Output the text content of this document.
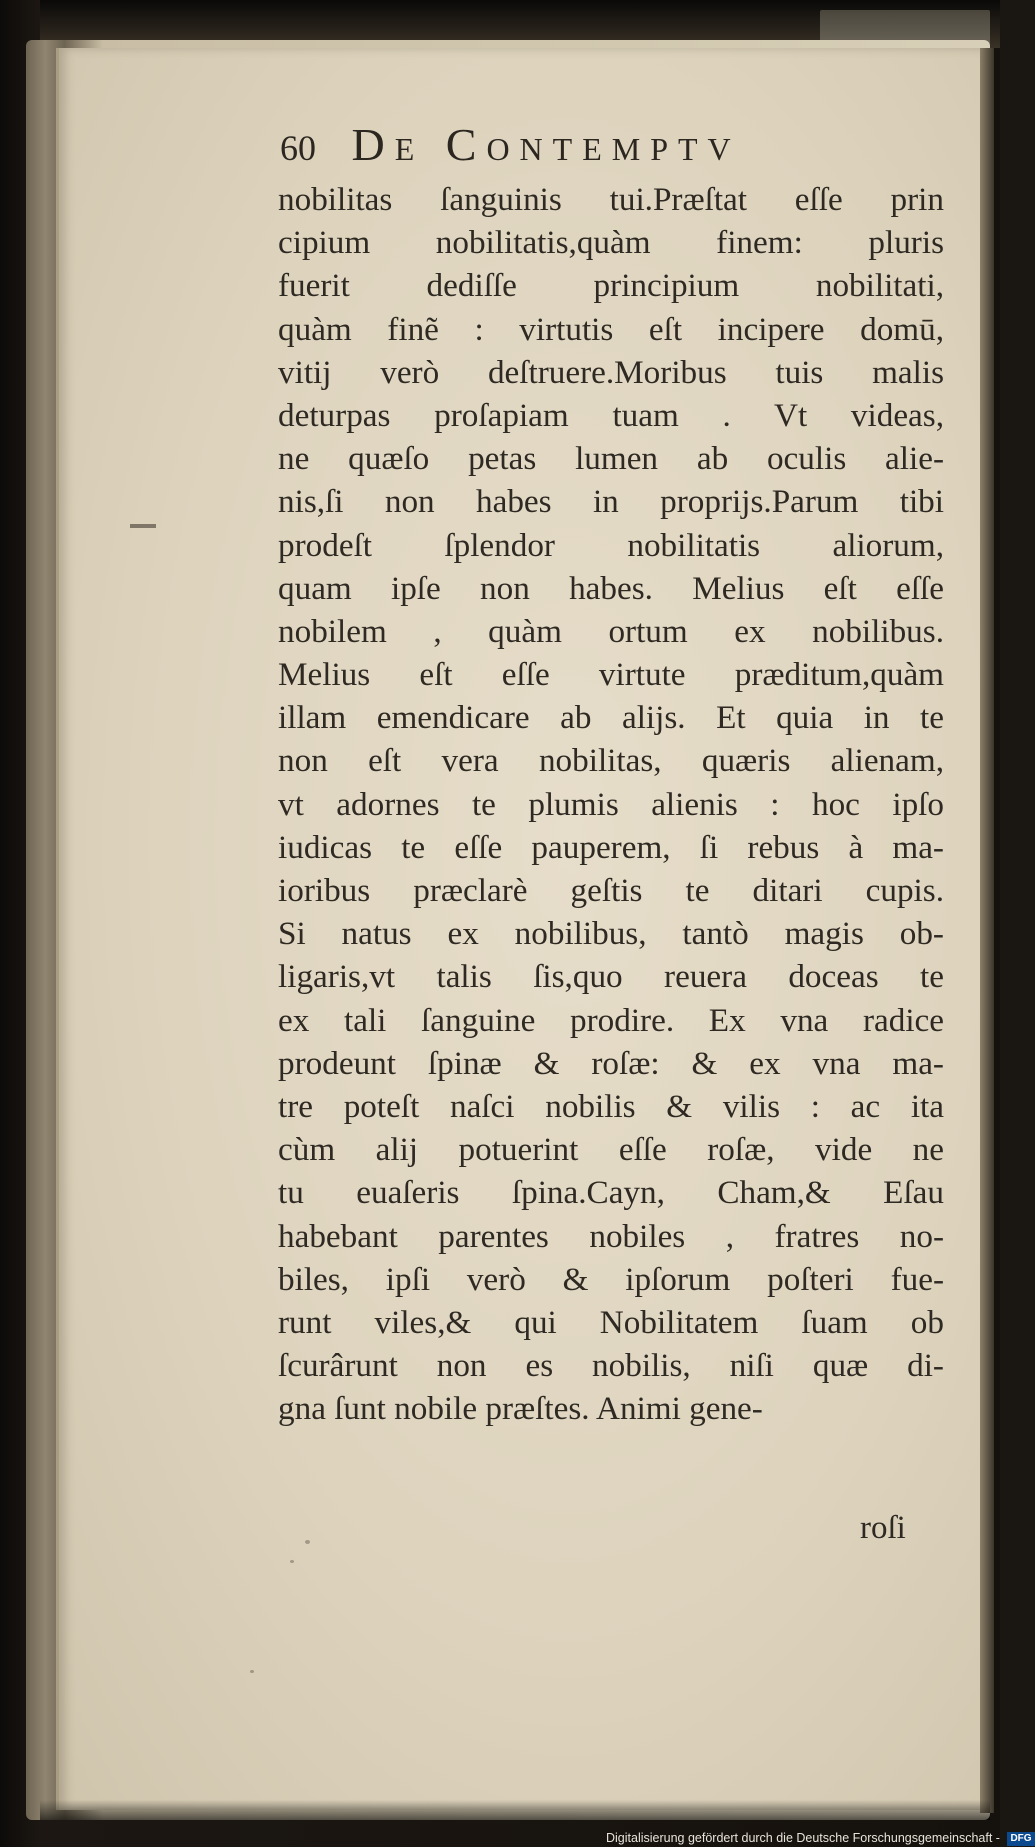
60 De Contemptv
nobilitas ſanguinis tui.Præſtat eſſe prin
cipium nobilitatis,quàm finem: pluris
fuerit dediſſe principium nobilitati,
quàm finẽ : virtutis eſt incipere domū,
vitij verò deſtruere.Moribus tuis malis
deturpas proſapiam tuam . Vt videas,
ne quæſo petas lumen ab oculis alie-
nis,ſi non habes in proprijs.Parum tibi
prodeſt ſplendor nobilitatis aliorum,
quam ipſe non habes. Melius eſt eſſe
nobilem , quàm ortum ex nobilibus.
Melius eſt eſſe virtute præditum,quàm
illam emendicare ab alijs. Et quia in te
non eſt vera nobilitas, quæris alienam,
vt adornes te plumis alienis : hoc ipſo
iudicas te eſſe pauperem, ſi rebus à ma-
ioribus præclarè geſtis te ditari cupis.
Si natus ex nobilibus, tantò magis ob-
ligaris,vt talis ſis,quo reuera doceas te
ex tali ſanguine prodire. Ex vna radice
prodeunt ſpinæ & roſæ: & ex vna ma-
tre poteſt naſci nobilis & vilis : ac ita
cùm alij potuerint eſſe roſæ, vide ne
tu euaſeris ſpina.Cayn, Cham,& Eſau
habebant parentes nobiles , fratres no-
biles, ipſi verò & ipſorum poſteri fue-
runt viles,& qui Nobilitatem ſuam ob
ſcurârunt non es nobilis, niſi quæ di-
gna ſunt nobile præſtes. Animi gene-
roſi
Digitalisierung gefördert durch die Deutsche Forschungsgemeinschaft - DFG
